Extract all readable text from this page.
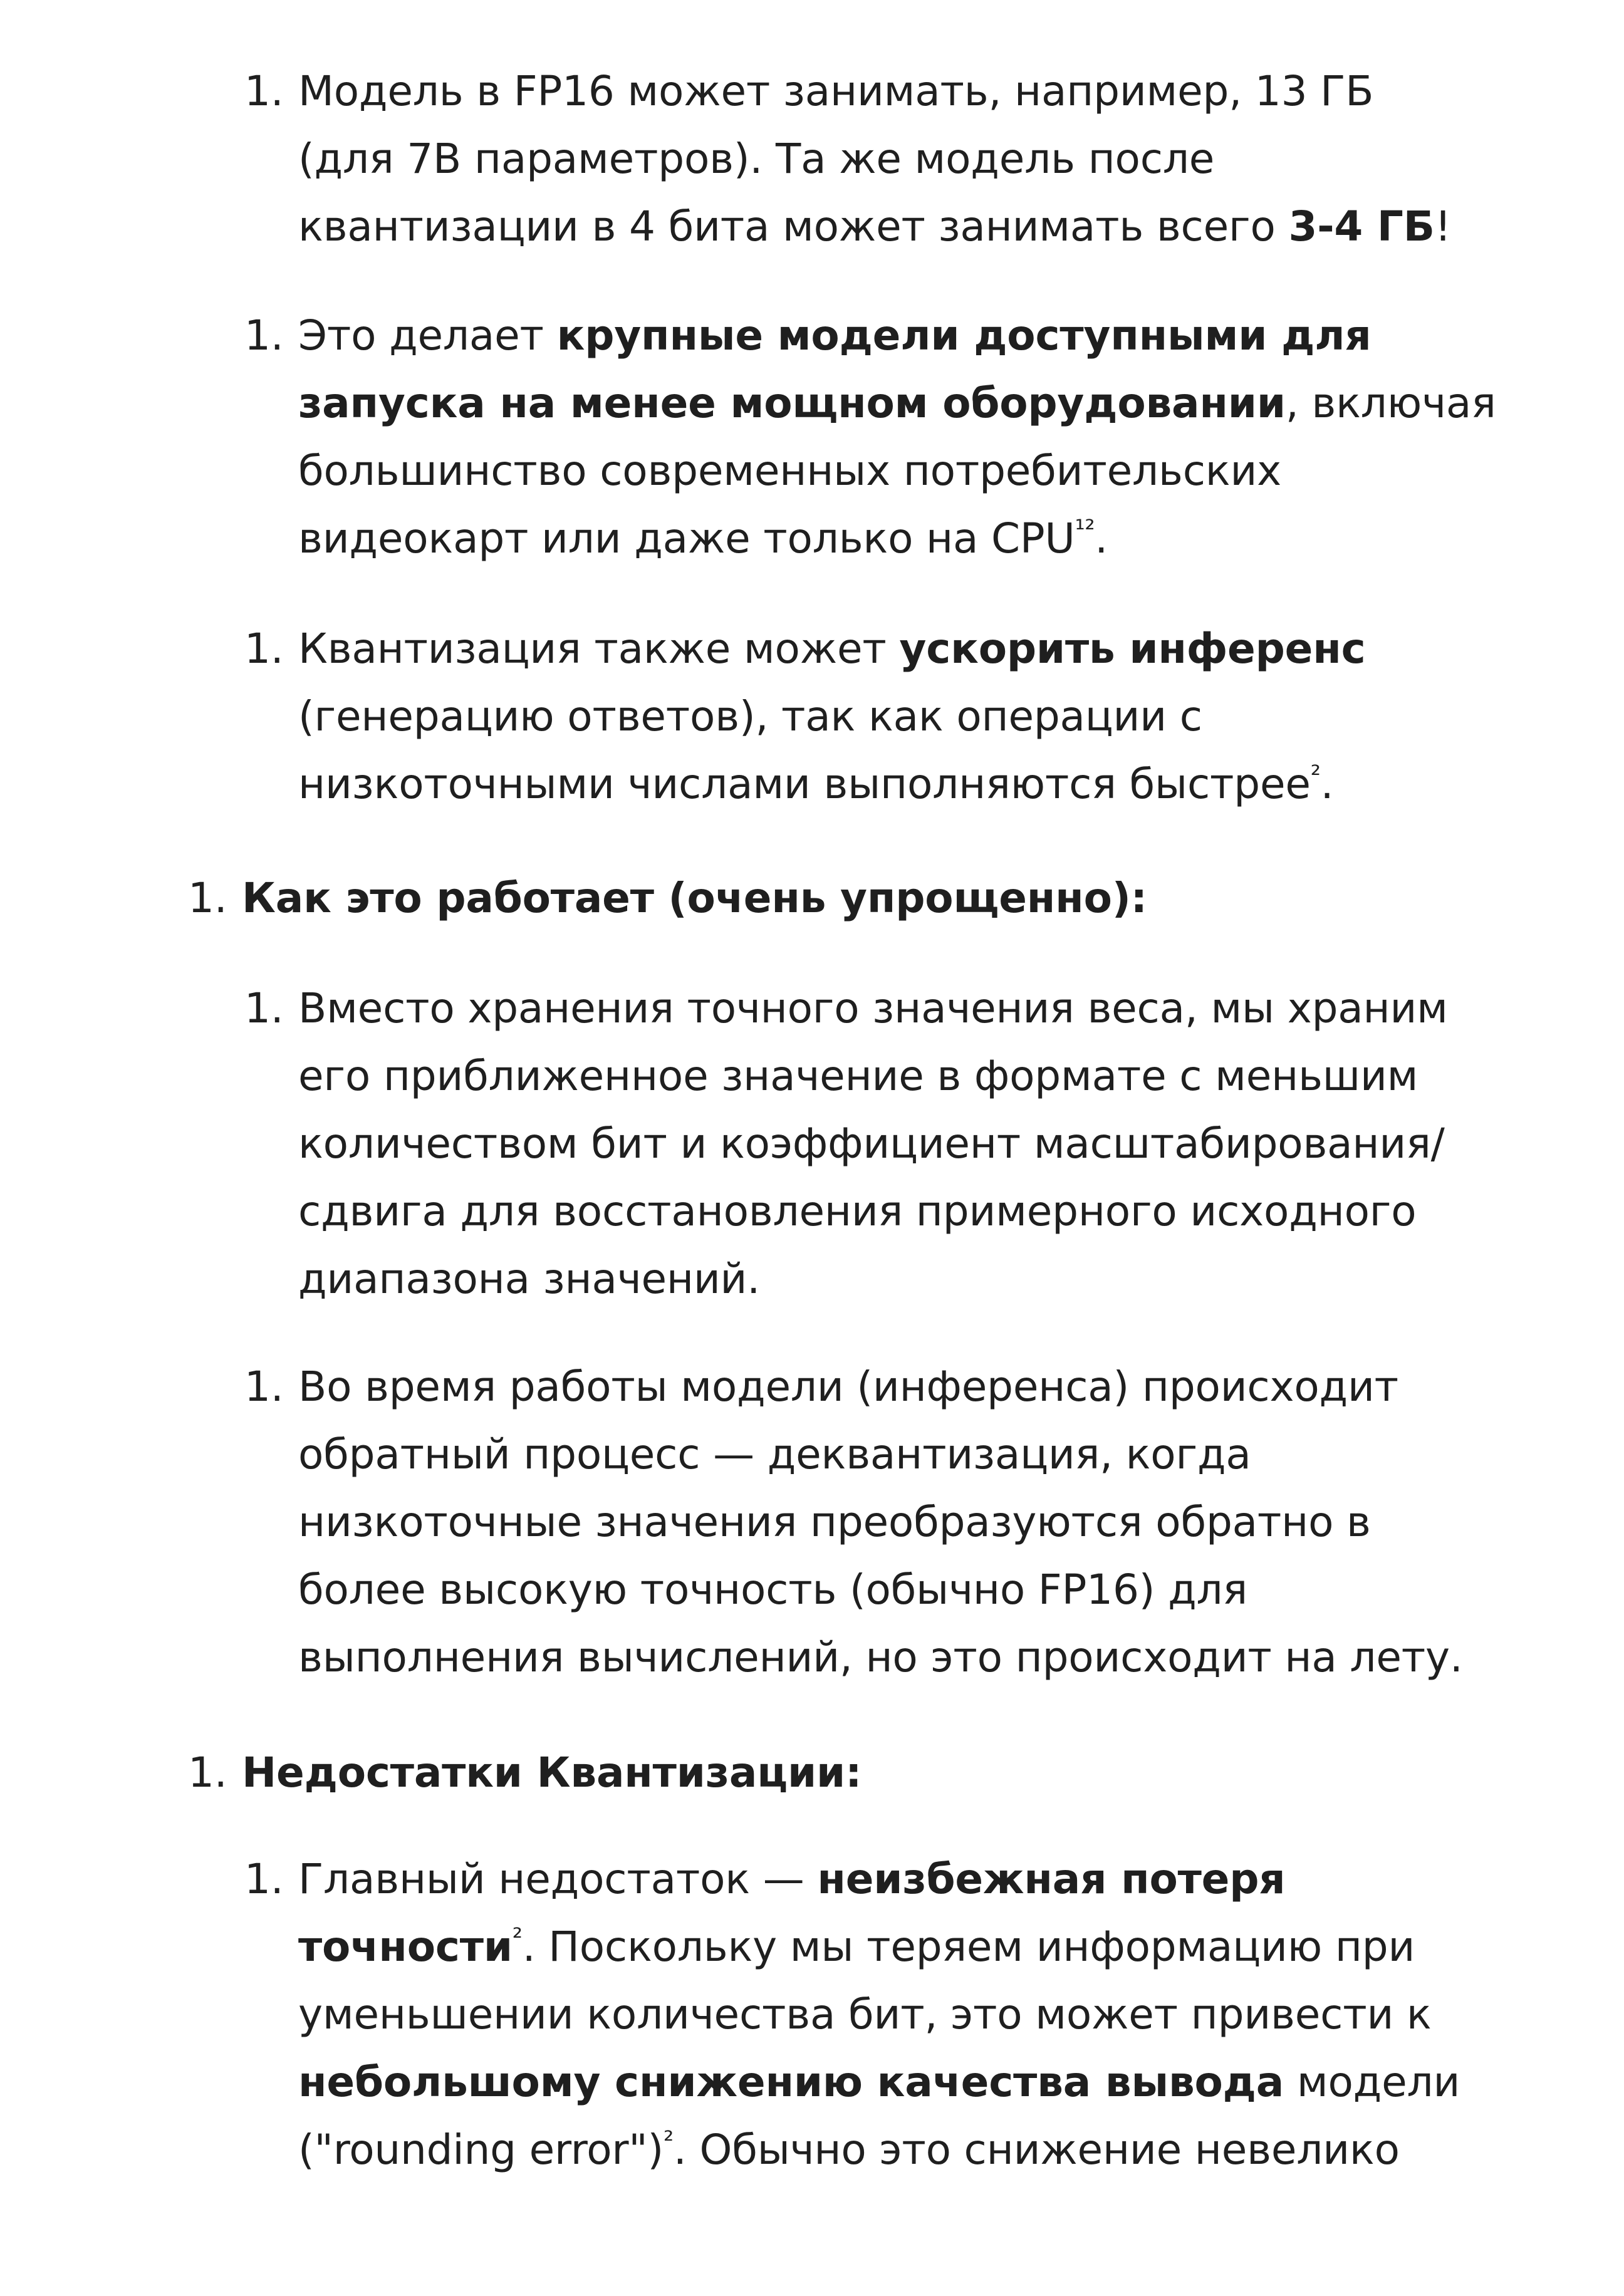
1. Модель в FP16 может занимать, например, 13 ГБ
(для 7B параметров). Та же модель после
квантизации в 4 бита может занимать всего 3-4 ГБ!
1. Это делает крупные модели доступными для
запуска на менее мощном оборудовании, включая
большинство современных потребительских
видеокарт или даже только на $CPU^{^{12}}$.
1. Квантизация также может ускорить инференс
(генерацию ответов), так как операции с
низкоточными числами выполняются быстрее$^{^2}$.
1. Как это работает (очень упрощенно):
1. Вместо хранения точного значения веса, мы храним
его приближенное значение в формате с меньшим
количеством бит и коэффициент масштабирования/
сдвига для восстановления примерного исходного
диапазона значений.
1. Во время работы модели (инференса) происходит
обратный процесс — деквантизация, когда
низкоточные значения преобразуются обратно в
более высокую точность (обычно FP16) для
выполнения вычислений, но это происходит на лету.
1. Недостатки Квантизации:
1. Главный недостаток — неизбежная потеря
точности$^{^2}$. Поскольку мы теряем информацию при
уменьшении количества бит, это может привести к
небольшому снижению качества вывода модели
("rounding error")$^{^2}$. Обычно это снижение невелико
